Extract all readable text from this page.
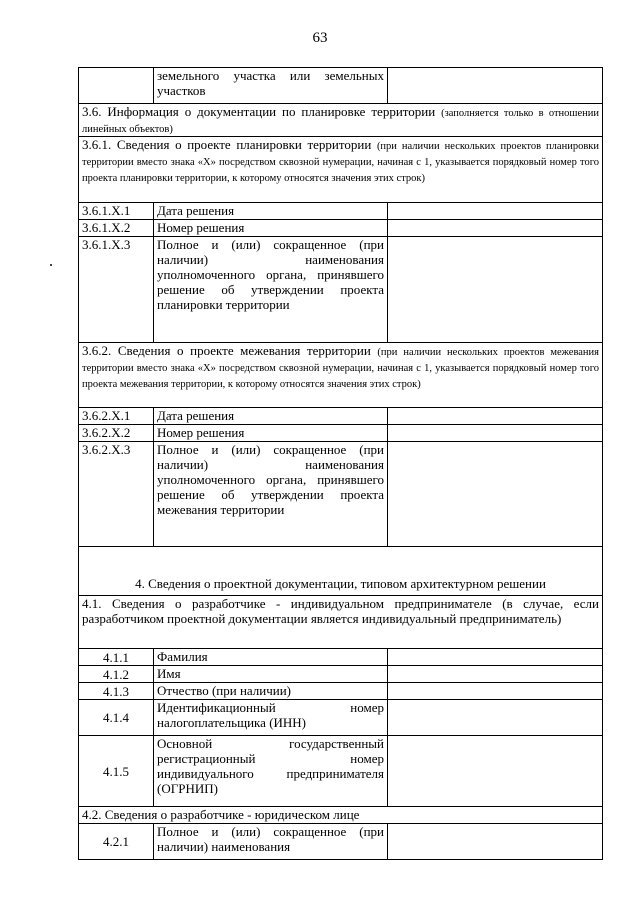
63
	земельного участка или земельных участков	
3.6. Информация о документации по планировке территории (заполняется только в отношении линейных объектов)		
3.6.1. Сведения о проекте планировки территории (при наличии нескольких проектов планировки территории вместо знака «Х» посредством сквозной нумерации, начиная с 1, указывается порядковый номер того проекта планировки территории, к которому относятся значения этих строк)		
3.6.1.X.1	Дата решения	
3.6.1.X.2	Номер решения	
3.6.1.X.3	Полное и (или) сокращенное (при наличии) наименования уполномоченного органа, принявшего решение об утверждении проекта планировки территории	
3.6.2. Сведения о проекте межевания территории (при наличии нескольких проектов межевания территории вместо знака «Х» посредством сквозной нумерации, начиная с 1, указывается порядковый номер того проекта межевания территории, к которому относятся значения этих строк)		
3.6.2.X.1	Дата решения	
3.6.2.X.2	Номер решения	
3.6.2.X.3	Полное и (или) сокращенное (при наличии) наименования уполномоченного органа, принявшего решение об утверждении проекта межевания территории	
4. Сведения о проектной документации, типовом архитектурном решении		
4.1. Сведения о разработчике - индивидуальном предпринимателе (в случае, если разработчиком проектной документации является индивидуальный предприниматель)		
4.1.1	Фамилия	
4.1.2	Имя	
4.1.3	Отчество (при наличии)	
4.1.4	Идентификационный номер налогоплательщика (ИНН)	
4.1.5	Основной государственный регистрационный номер индивидуального предпринимателя (ОГРНИП)	
4.2. Сведения о разработчике - юридическом лице		
4.2.1	Полное и (или) сокращенное (при наличии) наименования	
